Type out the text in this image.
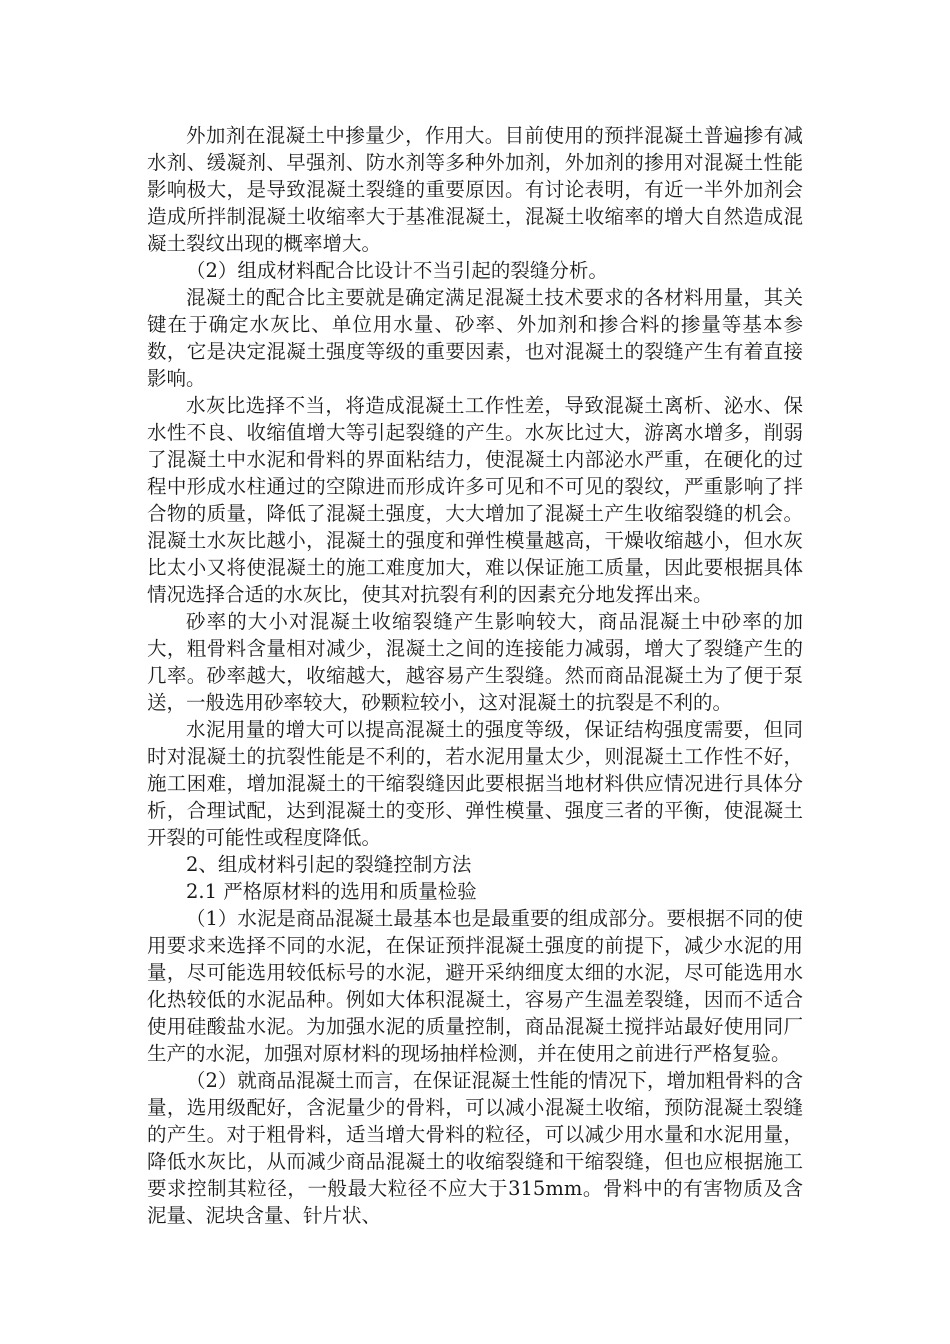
外加剂在混凝土中掺量少，作用大。目前使用的预拌混凝土普遍掺有减水剂、缓凝剂、早强剂、防水剂等多种外加剂，外加剂的掺用对混凝土性能影响极大，是导致混凝土裂缝的重要原因。有讨论表明，有近一半外加剂会造成所拌制混凝土收缩率大于基准混凝土，混凝土收缩率的增大自然造成混凝土裂纹出现的概率增大。

（2）组成材料配合比设计不当引起的裂缝分析。

混凝土的配合比主要就是确定满足混凝土技术要求的各材料用量，其关键在于确定水灰比、单位用水量、砂率、外加剂和掺合料的掺量等基本参数，它是决定混凝土强度等级的重要因素，也对混凝土的裂缝产生有着直接影响。

水灰比选择不当，将造成混凝土工作性差，导致混凝土离析、泌水、保水性不良、收缩值增大等引起裂缝的产生。水灰比过大，游离水增多，削弱了混凝土中水泥和骨料的界面粘结力，使混凝土内部泌水严重，在硬化的过程中形成水柱通过的空隙进而形成许多可见和不可见的裂纹，严重影响了拌合物的质量，降低了混凝土强度，大大增加了混凝土产生收缩裂缝的机会。混凝土水灰比越小，混凝土的强度和弹性模量越高，干燥收缩越小，但水灰比太小又将使混凝土的施工难度加大，难以保证施工质量，因此要根据具体情况选择合适的水灰比，使其对抗裂有利的因素充分地发挥出来。

砂率的大小对混凝土收缩裂缝产生影响较大，商品混凝土中砂率的加大，粗骨料含量相对减少，混凝土之间的连接能力减弱，增大了裂缝产生的几率。砂率越大，收缩越大，越容易产生裂缝。然而商品混凝土为了便于泵送，一般选用砂率较大，砂颗粒较小，这对混凝土的抗裂是不利的。

水泥用量的增大可以提高混凝土的强度等级，保证结构强度需要，但同时对混凝土的抗裂性能是不利的，若水泥用量太少，则混凝土工作性不好，施工困难，增加混凝土的干缩裂缝因此要根据当地材料供应情况进行具体分析，合理试配，达到混凝土的变形、弹性模量、强度三者的平衡，使混凝土开裂的可能性或程度降低。

2、组成材料引起的裂缝控制方法

2.1 严格原材料的选用和质量检验

（1）水泥是商品混凝土最基本也是最重要的组成部分。要根据不同的使用要求来选择不同的水泥，在保证预拌混凝土强度的前提下，减少水泥的用量，尽可能选用较低标号的水泥，避开采纳细度太细的水泥，尽可能选用水化热较低的水泥品种。例如大体积混凝土，容易产生温差裂缝，因而不适合使用硅酸盐水泥。为加强水泥的质量控制，商品混凝土搅拌站最好使用同厂生产的水泥，加强对原材料的现场抽样检测，并在使用之前进行严格复验。

（2）就商品混凝土而言，在保证混凝土性能的情况下，增加粗骨料的含量，选用级配好，含泥量少的骨料，可以减小混凝土收缩，预防混凝土裂缝的产生。对于粗骨料，适当增大骨料的粒径，可以减少用水量和水泥用量，降低水灰比，从而减少商品混凝土的收缩裂缝和干缩裂缝，但也应根据施工要求控制其粒径，一般最大粒径不应大于315mm。骨料中的有害物质及含泥量、泥块含量、针片状、
